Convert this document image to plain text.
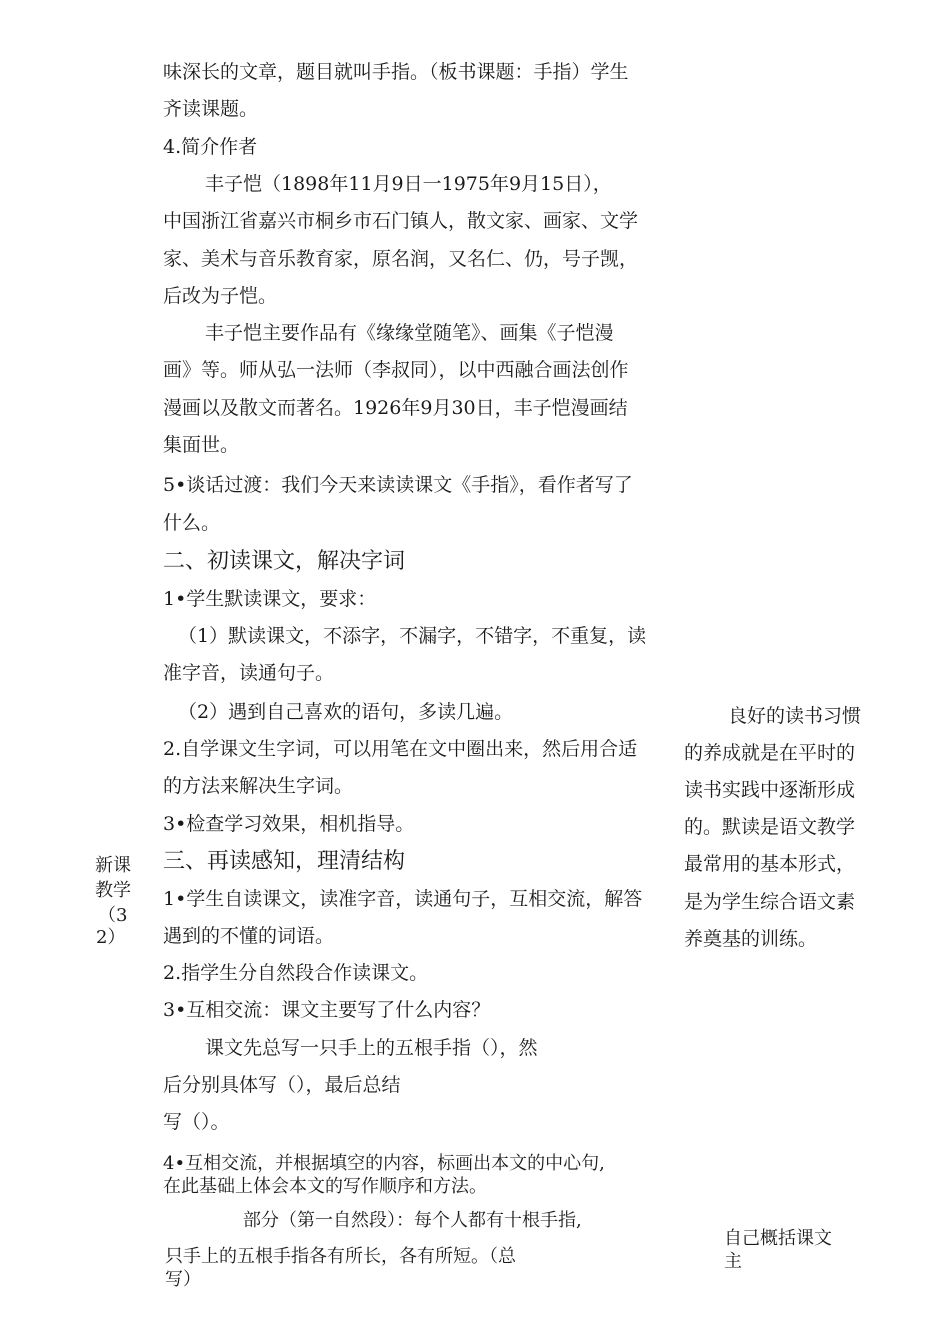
味深长的文章，题目就叫手指。（板书课题：手指）学生
齐读课题。
4.简介作者
丰子恺（1898年11月9日一1975年9月15日），
中国浙江省嘉兴市桐乡市石门镇人，散文家、画家、文学
家、美术与音乐教育家，原名润，又名仁、仍，号子觊，
后改为子恺。
丰子恺主要作品有《缘缘堂随笔》、画集《子恺漫
画》等。师从弘一法师（李叔同），以中西融合画法创作
漫画以及散文而著名。1926年9月30日，丰子恺漫画结
集面世。
5•谈话过渡：我们今天来读读课文《手指》，看作者写了
什么。
二、初读课文，解决字词
1•学生默读课文，要求：
（1）默读课文，不添字，不漏字，不错字，不重复，读
准字音，读通句子。
（2）遇到自己喜欢的语句，多读几遍。
2.自学课文生字词，可以用笔在文中圈出来，然后用合适
的方法来解决生字词。
3•检查学习效果，相机指导。
三、再读感知，理清结构
1•学生自读课文，读准字音，读通句子，互相交流，解答
遇到的不懂的词语。
2.指学生分自然段合作读课文。
3•互相交流：课文主要写了什么内容？
课文先总写一只手上的五根手指（），然
后分别具体写（），最后总结
写（）。
4•互相交流，并根据填空的内容，标画出本文的中心句,
在此基础上体会本文的写作顺序和方法。
部分（第一自然段）：每个人都有十根手指,
只手上的五根手指各有所长，各有所短。（总
写）
新课
教学
（3
2）
良好的读书习惯
的养成就是在平时的
读书实践中逐渐形成
的。默读是语文教学
最常用的基本形式，
是为学生综合语文素
养奠基的训练。
自己概括课文
主
